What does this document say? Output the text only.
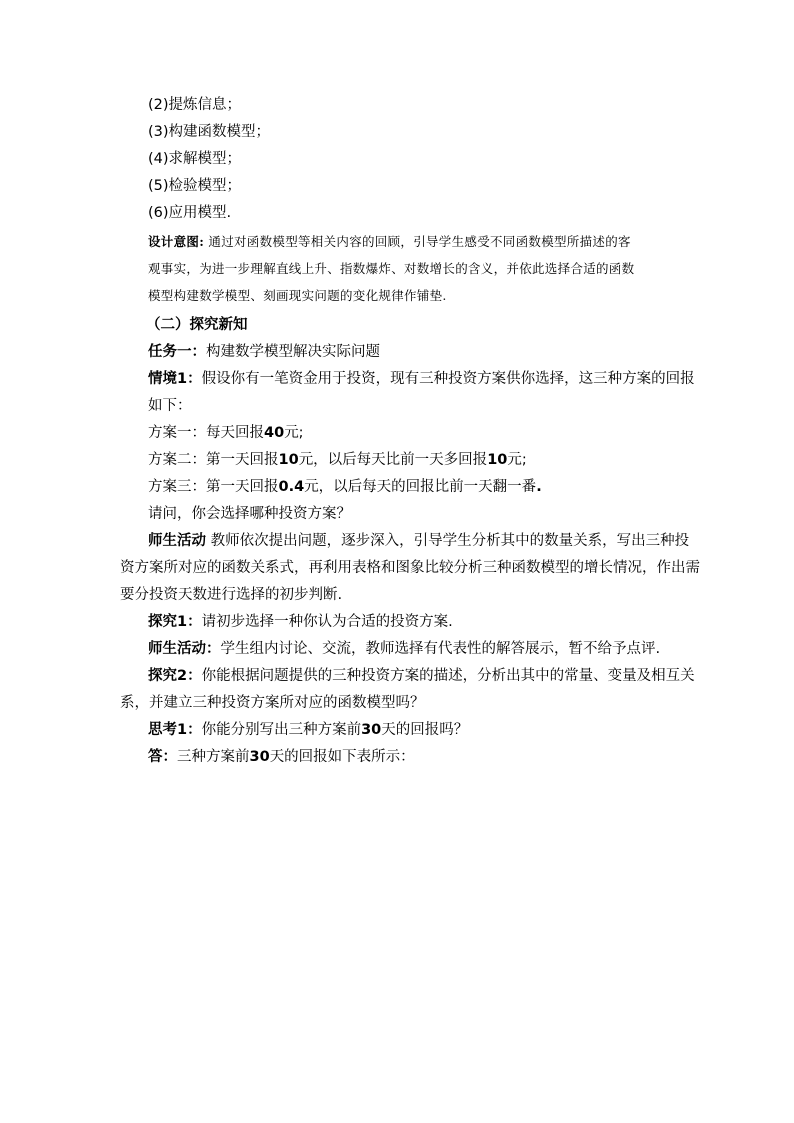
(2)提炼信息；
(3)构建函数模型；
(4)求解模型；
(5)检验模型；
(6)应用模型.
设计意图: 通过对函数模型等相关内容的回顾，引导学生感受不同函数模型所描述的客
观事实，为进一步理解直线上升、指数爆炸、对数增长的含义，并依此选择合适的函数
模型构建数学模型、刻画现实问题的变化规律作铺垫.
（二）探究新知
任务一：构建数学模型解决实际问题
情境1：假设你有一笔资金用于投资，现有三种投资方案供你选择，这三种方案的回报
如下：
方案一：每天回报40元;
方案二：第一天回报10元，以后每天比前一天多回报10元;
方案三：第一天回报0.4元，以后每天的回报比前一天翻一番.
请问，你会选择哪种投资方案？
师生活动 教师依次提出问题，逐步深入，引导学生分析其中的数量关系，写出三种投
资方案所对应的函数关系式，再利用表格和图象比较分析三种函数模型的增长情况，作出需
要分投资天数进行选择的初步判断.
探究1：请初步选择一种你认为合适的投资方案.
师生活动：学生组内讨论、交流，教师选择有代表性的解答展示，暂不给予点评.
探究2：你能根据问题提供的三种投资方案的描述，分析出其中的常量、变量及相互关
系，并建立三种投资方案所对应的函数模型吗？
思考1：你能分别写出三种方案前30天的回报吗？
答：三种方案前30天的回报如下表所示：
